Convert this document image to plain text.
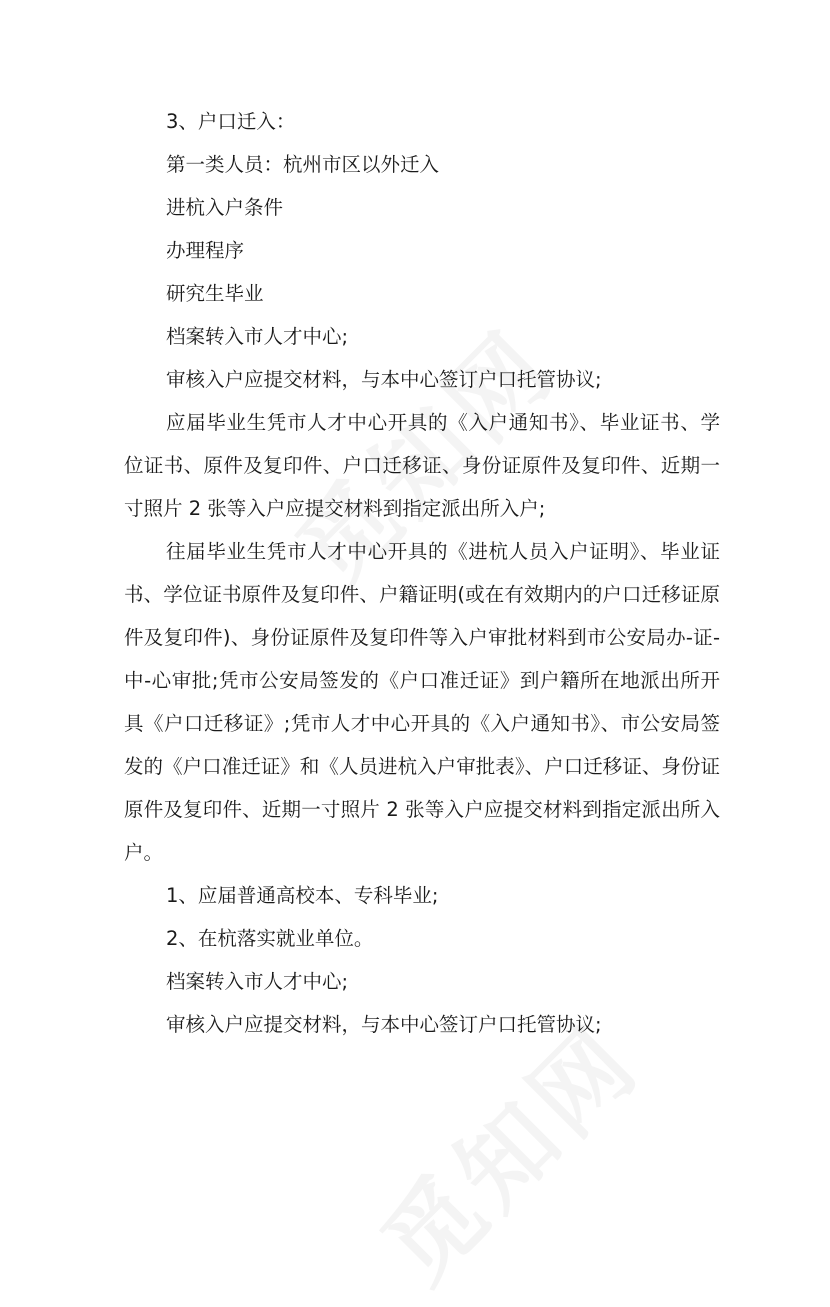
3、户口迁入：

第一类人员：杭州市区以外迁入

进杭入户条件

办理程序

研究生毕业

档案转入市人才中心;

审核入户应提交材料，与本中心签订户口托管协议;

应届毕业生凭市人才中心开具的《入户通知书》、毕业证书、学位证书、原件及复印件、户口迁移证、身份证原件及复印件、近期一寸照片 2 张等入户应提交材料到指定派出所入户;

往届毕业生凭市人才中心开具的《进杭人员入户证明》、毕业证书、学位证书原件及复印件、户籍证明(或在有效期内的户口迁移证原件及复印件)、身份证原件及复印件等入户审批材料到市公安局办-证-中-心审批;凭市公安局签发的《户口准迁证》到户籍所在地派出所开具《户口迁移证》;凭市人才中心开具的《入户通知书》、市公安局签发的《户口准迁证》和《人员进杭入户审批表》、户口迁移证、身份证原件及复印件、近期一寸照片 2 张等入户应提交材料到指定派出所入户。

1、应届普通高校本、专科毕业;

2、在杭落实就业单位。

档案转入市人才中心;

审核入户应提交材料，与本中心签订户口托管协议;
